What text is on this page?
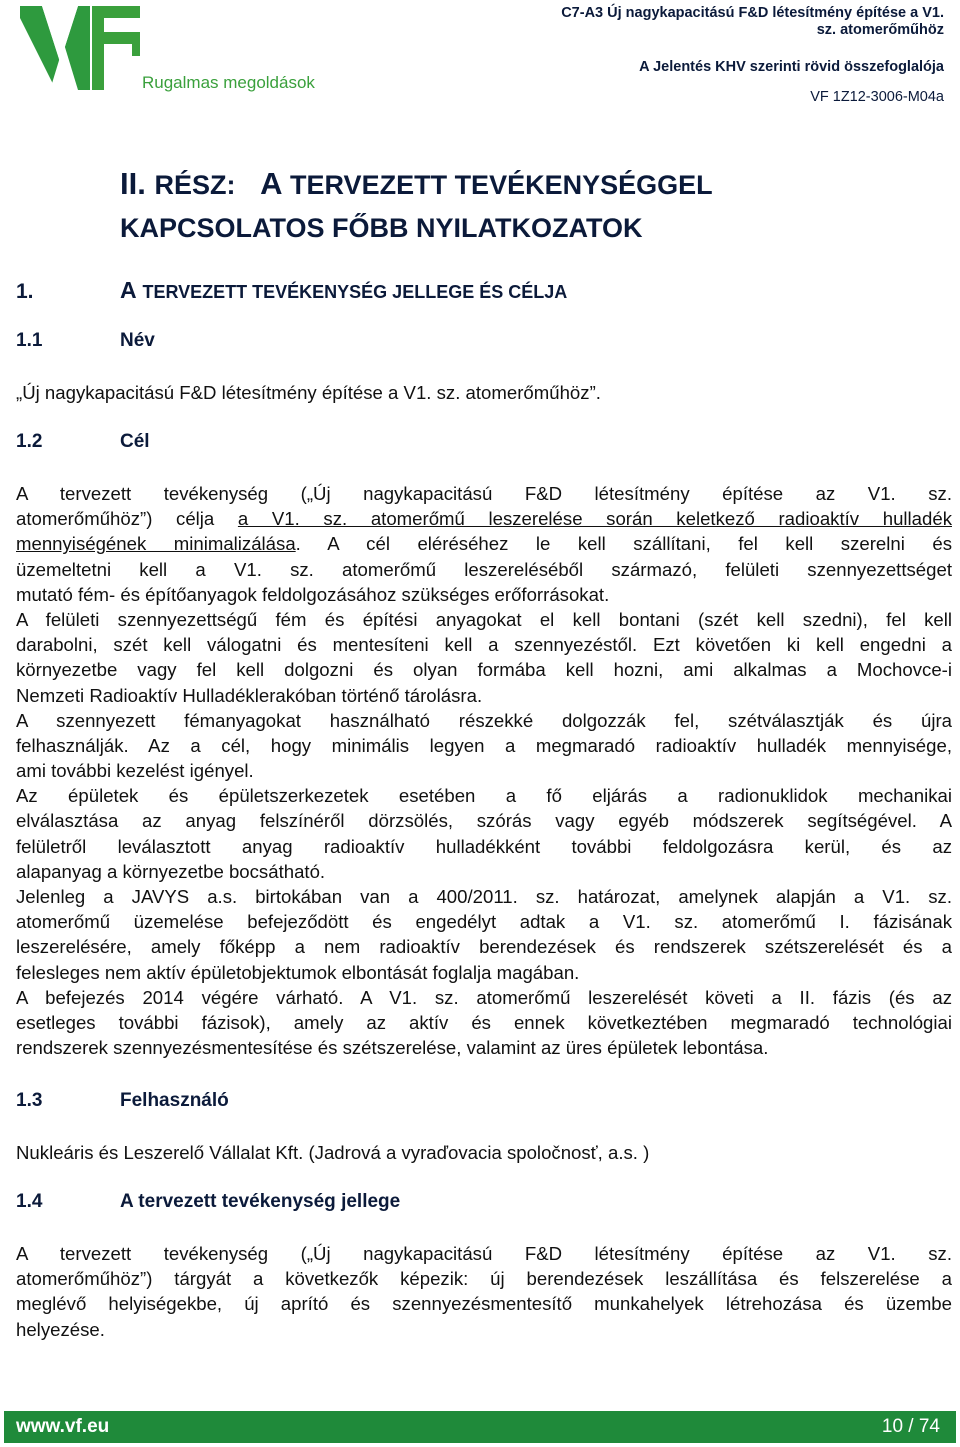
Rugalmas megoldások
C7-A3 Új nagykapacitású F&D létesítmény építése a V1.
sz. atomerőműhöz
A Jelentés KHV szerinti rövid összefoglalója
VF 1Z12-3006-M04a
II. RÉSZ: A TERVEZETT TEVÉKENYSÉGGEL
KAPCSOLATOS FŐBB NYILATKOZATOK
1.	A TERVEZETT TEVÉKENYSÉG JELLEGE ÉS CÉLJA
1.1	Név
„Új nagykapacitású F&D létesítmény építése a V1. sz. atomerőműhöz”.
1.2	Cél
A tervezett tevékenység („Új nagykapacitású F&D létesítmény építése az V1. sz.
atomerőműhöz”) célja a V1. sz. atomerőmű leszerelése során keletkező radioaktív hulladék
mennyiségének minimalizálása. A cél eléréséhez le kell szállítani, fel kell szerelni és
üzemeltetni kell a V1. sz. atomerőmű leszereléséből származó, felületi szennyezettséget
mutató fém- és építőanyagok feldolgozásához szükséges erőforrásokat.
A felületi szennyezettségű fém és építési anyagokat el kell bontani (szét kell szedni), fel kell
darabolni, szét kell válogatni és mentesíteni kell a szennyezéstől. Ezt követően ki kell engedni a
környezetbe vagy fel kell dolgozni és olyan formába kell hozni, ami alkalmas a Mochovce-i
Nemzeti Radioaktív Hulladéklerakóban történő tárolásra.
A szennyezett fémanyagokat használható részekké dolgozzák fel, szétválasztják és újra
felhasználják. Az a cél, hogy minimális legyen a megmaradó radioaktív hulladék mennyisége,
ami további kezelést igényel.
Az épületek és épületszerkezetek esetében a fő eljárás a radionuklidok mechanikai
elválasztása az anyag felszínéről dörzsölés, szórás vagy egyéb módszerek segítségével. A
felületről leválasztott anyag radioaktív hulladékként további feldolgozásra kerül, és az
alapanyag a környezetbe bocsátható.
Jelenleg a JAVYS a.s. birtokában van a 400/2011. sz. határozat, amelynek alapján a V1. sz.
atomerőmű üzemelése befejeződött és engedélyt adtak a V1. sz. atomerőmű I. fázisának
leszerelésére, amely főképp a nem radioaktív berendezések és rendszerek szétszerelését és a
felesleges nem aktív épületobjektumok elbontását foglalja magában.
A befejezés 2014 végére várható. A V1. sz. atomerőmű leszerelését követi a II. fázis (és az
esetleges további fázisok), amely az aktív és ennek következtében megmaradó technológiai
rendszerek szennyezésmentesítése és szétszerelése, valamint az üres épületek lebontása.
1.3	Felhasználó
Nukleáris és Leszerelő Vállalat Kft. (Jadrová a vyraďovacia spoločnosť, a.s. )
1.4	A tervezett tevékenység jellege
A tervezett tevékenység („Új nagykapacitású F&D létesítmény építése az V1. sz.
atomerőműhöz”) tárgyát a következők képezik: új berendezések leszállítása és felszerelése a
meglévő helyiségekbe, új aprító és szennyezésmentesítő munkahelyek létrehozása és üzembe
helyezése.
www.vf.eu	10 / 74
